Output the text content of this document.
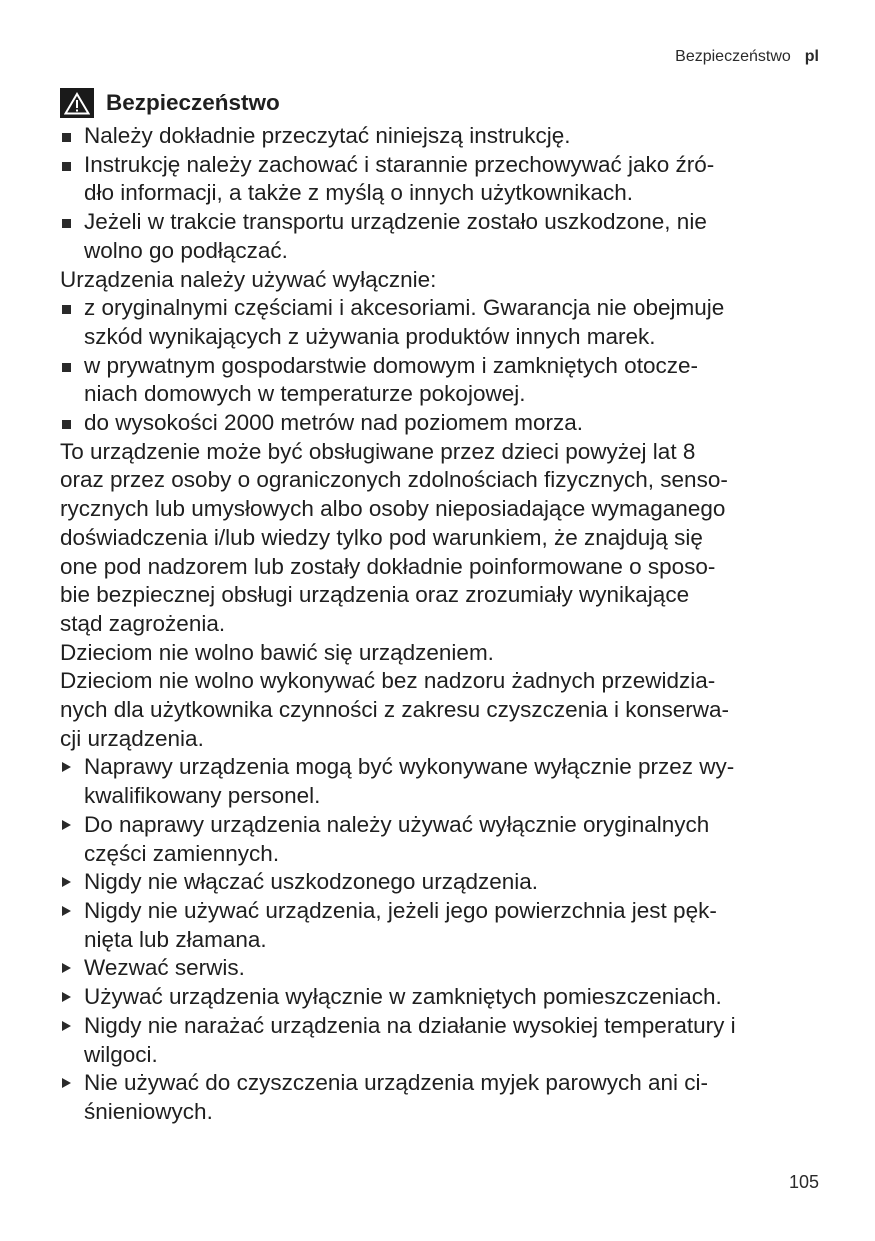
Bezpieczeństwo pl
Bezpieczeństwo
Należy dokładnie przeczytać niniejszą instrukcję.
Instrukcję należy zachować i starannie przechowywać jako źró-
dło informacji, a także z myślą o innych użytkownikach.
Jeżeli w trakcie transportu urządzenie zostało uszkodzone, nie
wolno go podłączać.
Urządzenia należy używać wyłącznie:
z oryginalnymi częściami i akcesoriami. Gwarancja nie obejmuje
szkód wynikających z używania produktów innych marek.
w prywatnym gospodarstwie domowym i zamkniętych otocze-
niach domowych w temperaturze pokojowej.
do wysokości 2000 metrów nad poziomem morza.
To urządzenie może być obsługiwane przez dzieci powyżej lat 8
oraz przez osoby o ograniczonych zdolnościach fizycznych, senso-
rycznych lub umysłowych albo osoby nieposiadające wymaganego
doświadczenia i/lub wiedzy tylko pod warunkiem, że znajdują się
one pod nadzorem lub zostały dokładnie poinformowane o sposo-
bie bezpiecznej obsługi urządzenia oraz zrozumiały wynikające
stąd zagrożenia.
Dzieciom nie wolno bawić się urządzeniem.
Dzieciom nie wolno wykonywać bez nadzoru żadnych przewidzia-
nych dla użytkownika czynności z zakresu czyszczenia i konserwa-
cji urządzenia.
Naprawy urządzenia mogą być wykonywane wyłącznie przez wy-
kwalifikowany personel.
Do naprawy urządzenia należy używać wyłącznie oryginalnych
części zamiennych.
Nigdy nie włączać uszkodzonego urządzenia.
Nigdy nie używać urządzenia, jeżeli jego powierzchnia jest pęk-
nięta lub złamana.
Wezwać serwis.
Używać urządzenia wyłącznie w zamkniętych pomieszczeniach.
Nigdy nie narażać urządzenia na działanie wysokiej temperatury i
wilgoci.
Nie używać do czyszczenia urządzenia myjek parowych ani ci-
śnieniowych.
105
